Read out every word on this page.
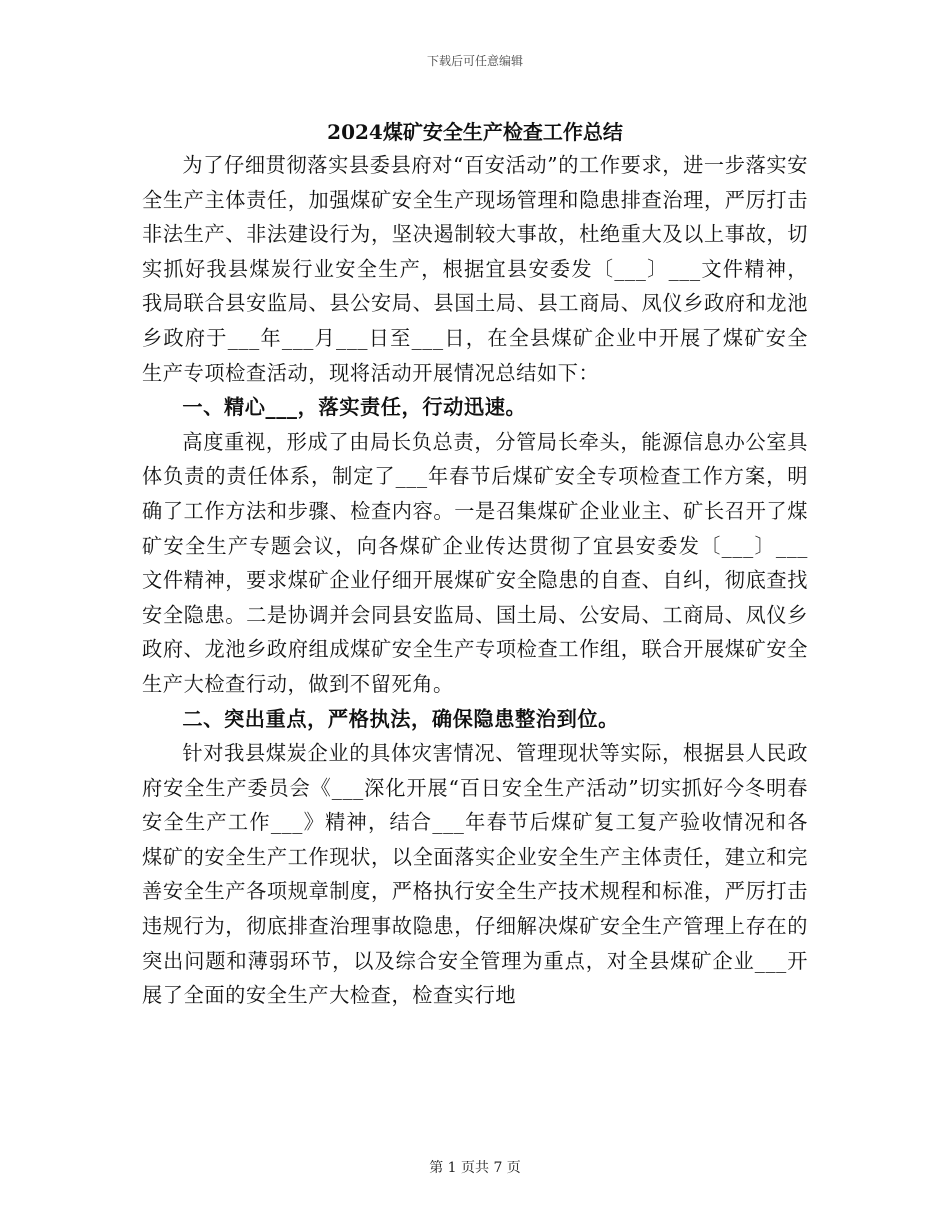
下载后可任意编辑
2024煤矿安全生产检查工作总结

为了仔细贯彻落实县委县府对“百安活动”的工作要求，进一步落实安全生产主体责任，加强煤矿安全生产现场管理和隐患排查治理，严厉打击非法生产、非法建设行为，坚决遏制较大事故，杜绝重大及以上事故，切实抓好我县煤炭行业安全生产，根据宜县安委发〔___〕___文件精神，我局联合县安监局、县公安局、县国土局、县工商局、凤仪乡政府和龙池乡政府于___年___月___日至___日，在全县煤矿企业中开展了煤矿安全生产专项检查活动，现将活动开展情况总结如下：

一、精心___，落实责任，行动迅速。

高度重视，形成了由局长负总责，分管局长牵头，能源信息办公室具体负责的责任体系，制定了___年春节后煤矿安全专项检查工作方案，明确了工作方法和步骤、检查内容。一是召集煤矿企业业主、矿长召开了煤矿安全生产专题会议，向各煤矿企业传达贯彻了宜县安委发〔___〕___文件精神，要求煤矿企业仔细开展煤矿安全隐患的自查、自纠，彻底查找安全隐患。二是协调并会同县安监局、国土局、公安局、工商局、凤仪乡政府、龙池乡政府组成煤矿安全生产专项检查工作组，联合开展煤矿安全生产大检查行动，做到不留死角。

二、突出重点，严格执法，确保隐患整治到位。

针对我县煤炭企业的具体灾害情况、管理现状等实际，根据县人民政府安全生产委员会《___深化开展“百日安全生产活动”切实抓好今冬明春安全生产工作___》精神，结合___年春节后煤矿复工复产验收情况和各煤矿的安全生产工作现状，以全面落实企业安全生产主体责任，建立和完善安全生产各项规章制度，严格执行安全生产技术规程和标准，严厉打击违规行为，彻底排查治理事故隐患，仔细解决煤矿安全生产管理上存在的突出问题和薄弱环节，以及综合安全管理为重点，对全县煤矿企业___开展了全面的安全生产大检查，检查实行地

第 1 页共 7 页
